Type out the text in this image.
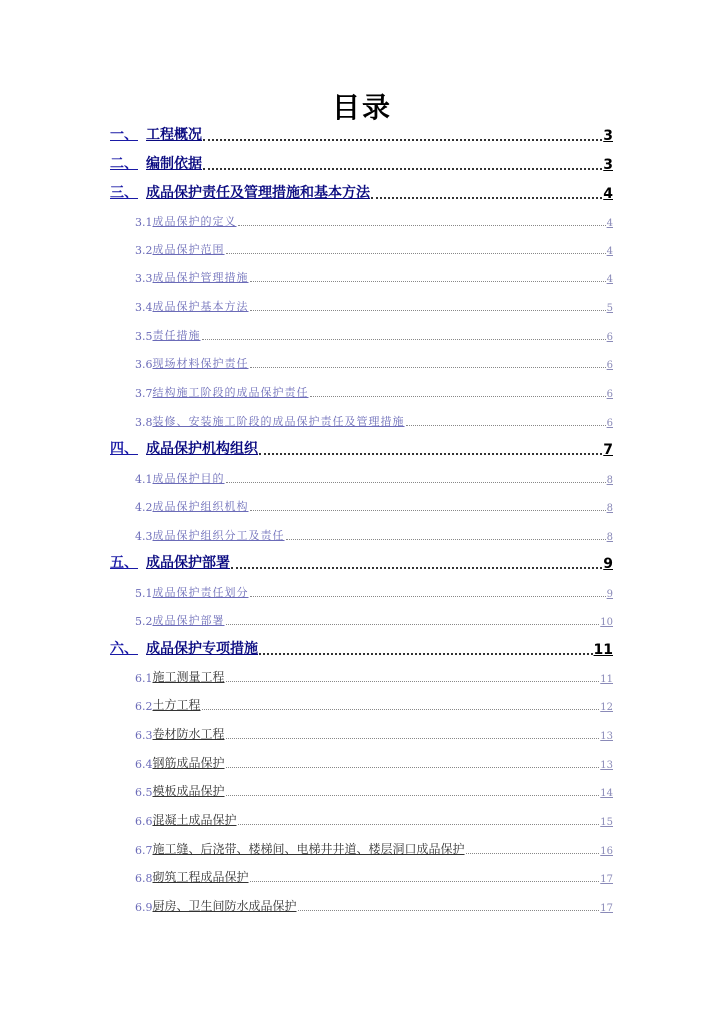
目录
一、 工程概况	3
二、 编制依据	3
三、 成品保护责任及管理措施和基本方法	4
3.1 成品保护的定义	4
3.2 成品保护范围	4
3.3 成品保护管理措施	4
3.4 成品保护基本方法	5
3.5 责任措施	6
3.6 现场材料保护责任	6
3.7 结构施工阶段的成品保护责任	6
3.8 装修、安装施工阶段的成品保护责任及管理措施	6
四、 成品保护机构组织	7
4.1 成品保护目的	8
4.2 成品保护组织机构	8
4.3 成品保护组织分工及责任	8
五、 成品保护部署	9
5.1 成品保护责任划分	9
5.2 成品保护部署	10
六、 成品保护专项措施	11
6.1 施工测量工程	11
6.2 土方工程	12
6.3 卷材防水工程	13
6.4 钢筋成品保护	13
6.5 模板成品保护	14
6.6 混凝土成品保护	15
6.7 施工缝、后浇带、楼梯间、电梯井井道、楼层洞口成品保护	16
6.8 砌筑工程成品保护	17
6.9 厨房、卫生间防水成品保护	17
